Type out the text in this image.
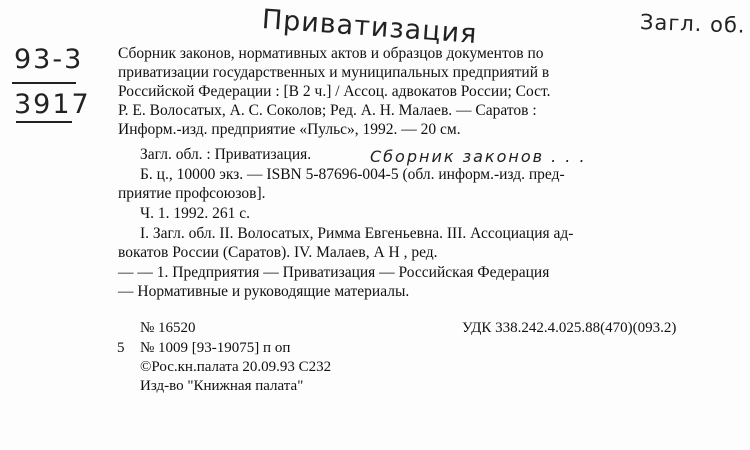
Приватизация	Загл. об.
93-3
3917
Сборник законов, нормативных актов и образцов документов по
приватизации государственных и муниципальных предприятий в
Российской Федерации : [В 2 ч.] / Ассоц. адвокатов России; Сост.
Р. Е. Волосатых, А. С. Соколов; Ред. А. Н. Малаев. — Саратов :
Информ.-изд. предприятие «Пульс», 1992. — 20 см.
Загл. обл. : Приватизация.	Сборник законов . . .
Б. ц., 10000 экз. — ISBN 5-87696-004-5 (обл. информ.-изд. пред-
приятие профсоюзов].
Ч. 1. 1992. 261 с.
I. Загл. обл. II. Волосатых, Римма Евгеньевна. III. Ассоциация ад-
вокатов России (Саратов). IV. Малаев, А Н , ред.
— — 1. Предприятия — Приватизация — Российская Федерация
— Нормативные и руководящие материалы.
№ 16520	УДК 338.242.4.025.88(470)(093.2)
5 № 1009 [93-19075] п оп
©Рос.кн.палата 20.09.93 С232
Изд-во "Книжная палата"
